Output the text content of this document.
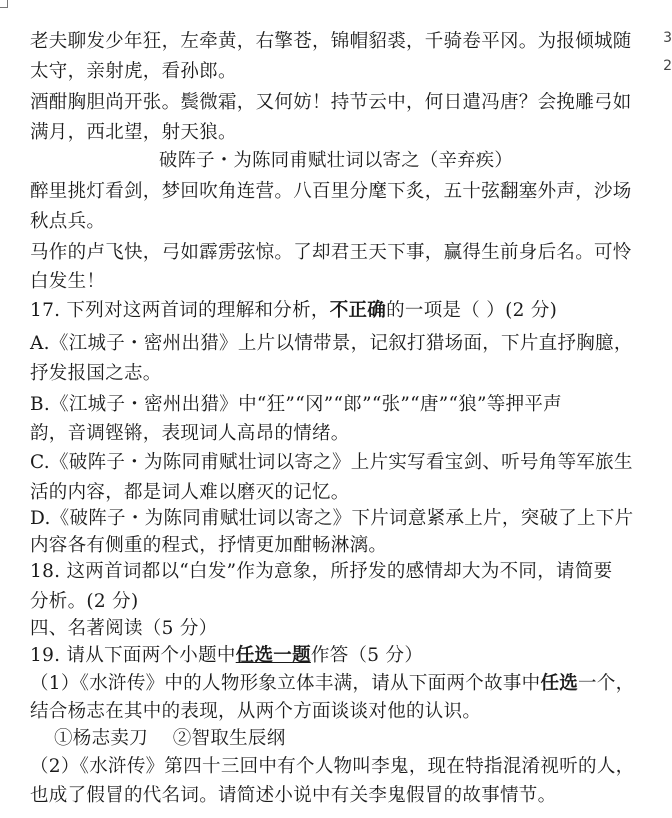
3
2
老夫聊发少年狂，左牵黄，右擎苍，锦帽貂裘，千骑卷平冈。为报倾城随
太守，亲射虎，看孙郎。
酒酣胸胆尚开张。鬓微霜，又何妨！持节云中，何日遣冯唐？会挽雕弓如
满月，西北望，射天狼。
破阵子・为陈同甫赋壮词以寄之（辛弃疾）
醉里挑灯看剑，梦回吹角连营。八百里分麾下炙，五十弦翻塞外声，沙场
秋点兵。
马作的卢飞快，弓如霹雳弦惊。了却君王天下事，赢得生前身后名。可怜
白发生！
17. 下列对这两首词的理解和分析，不正确的一项是（ ）(2 分)
A.《江城子・密州出猎》上片以情带景，记叙打猎场面，下片直抒胸臆，
抒发报国之志。
B.《江城子・密州出猎》中“狂”“冈”“郎”“张”“唐”“狼”等押平声
韵，音调铿锵，表现词人高昂的情绪。
C.《破阵子・为陈同甫赋壮词以寄之》上片实写看宝剑、听号角等军旅生
活的内容，都是词人难以磨灭的记忆。
D.《破阵子・为陈同甫赋壮词以寄之》下片词意紧承上片，突破了上下片
内容各有侧重的程式，抒情更加酣畅淋漓。
18. 这两首词都以“白发”作为意象，所抒发的感情却大为不同，请简要
分析。(2 分)
四、名著阅读（5 分）
19. 请从下面两个小题中任选一题作答（5 分）
（1）《水浒传》中的人物形象立体丰满，请从下面两个故事中任选一个，
结合杨志在其中的表现，从两个方面谈谈对他的认识。
①杨志卖刀    ②智取生辰纲
（2）《水浒传》第四十三回中有个人物叫李鬼，现在特指混淆视听的人，
也成了假冒的代名词。请简述小说中有关李鬼假冒的故事情节。
